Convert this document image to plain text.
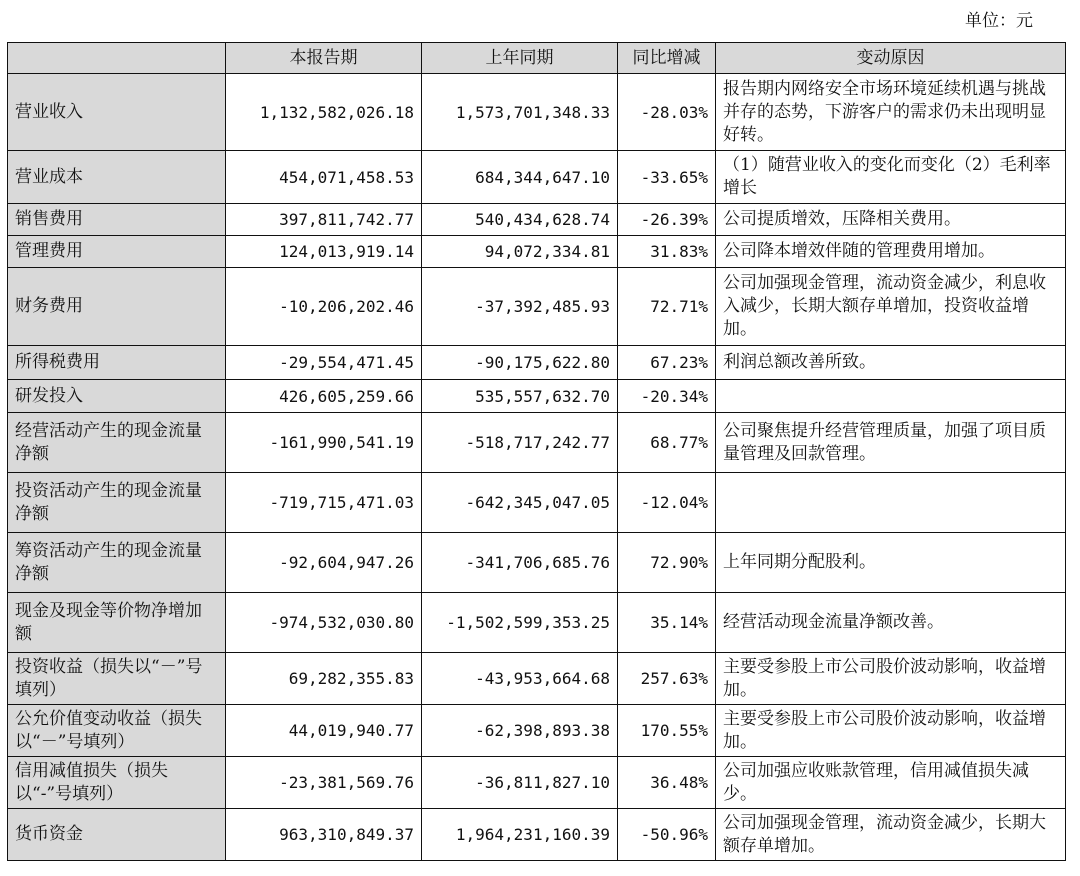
单位：元
	本报告期	上年同期	同比增减	变动原因
营业收入	1,132,582,026.18	1,573,701,348.33	-28.03%	报告期内网络安全市场环境延续机遇与挑战并存的态势，下游客户的需求仍未出现明显好转。
营业成本	454,071,458.53	684,344,647.10	-33.65%	（1）随营业收入的变化而变化（2）毛利率增长
销售费用	397,811,742.77	540,434,628.74	-26.39%	公司提质增效，压降相关费用。
管理费用	124,013,919.14	94,072,334.81	31.83%	公司降本增效伴随的管理费用增加。
财务费用	-10,206,202.46	-37,392,485.93	72.71%	公司加强现金管理，流动资金减少，利息收入减少，长期大额存单增加，投资收益增加。
所得税费用	-29,554,471.45	-90,175,622.80	67.23%	利润总额改善所致。
研发投入	426,605,259.66	535,557,632.70	-20.34%	
经营活动产生的现金流量净额	-161,990,541.19	-518,717,242.77	68.77%	公司聚焦提升经营管理质量，加强了项目质量管理及回款管理。
投资活动产生的现金流量净额	-719,715,471.03	-642,345,047.05	-12.04%	
筹资活动产生的现金流量净额	-92,604,947.26	-341,706,685.76	72.90%	上年同期分配股利。
现金及现金等价物净增加额	-974,532,030.80	-1,502,599,353.25	35.14%	经营活动现金流量净额改善。
投资收益（损失以“－”号填列）	69,282,355.83	-43,953,664.68	257.63%	主要受参股上市公司股价波动影响，收益增加。
公允价值变动收益（损失以“－”号填列）	44,019,940.77	-62,398,893.38	170.55%	主要受参股上市公司股价波动影响，收益增加。
信用减值损失（损失以“-”号填列）	-23,381,569.76	-36,811,827.10	36.48%	公司加强应收账款管理，信用减值损失减少。
货币资金	963,310,849.37	1,964,231,160.39	-50.96%	公司加强现金管理，流动资金减少，长期大额存单增加。
